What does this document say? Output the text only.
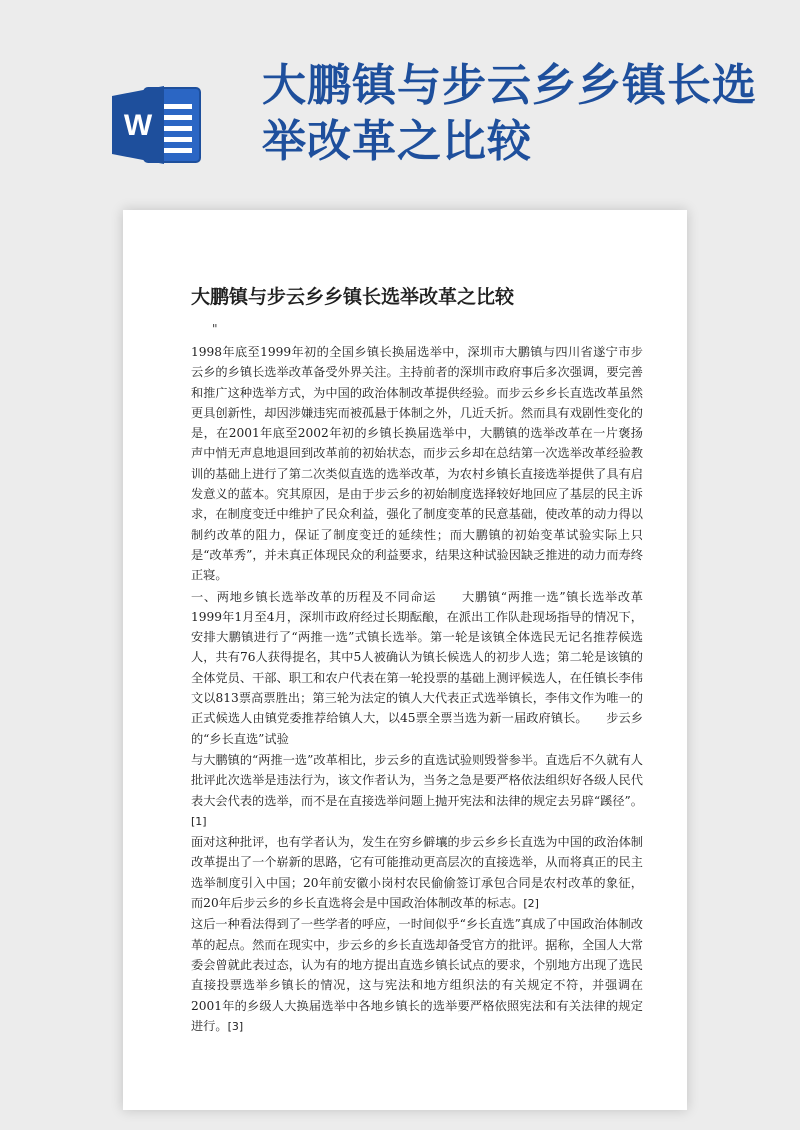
W
大鹏镇与步云乡乡镇长选举改革之比较
大鹏镇与步云乡乡镇长选举改革之比较
"

1998年底至1999年初的全国乡镇长换届选举中，深圳市大鹏镇与四川省遂宁市步云乡的乡镇长选举改革备受外界关注。主持前者的深圳市政府事后多次强调，要完善和推广这种选举方式，为中国的政治体制改革提供经验。而步云乡乡长直选改革虽然更具创新性，却因涉嫌违宪而被孤悬于体制之外，几近夭折。然而具有戏剧性变化的是，在2001年底至2002年初的乡镇长换届选举中，大鹏镇的选举改革在一片褒扬声中悄无声息地退回到改革前的初始状态，而步云乡却在总结第一次选举改革经验教训的基础上进行了第二次类似直选的选举改革，为农村乡镇长直接选举提供了具有启发意义的蓝本。究其原因，是由于步云乡的初始制度选择较好地回应了基层的民主诉求，在制度变迁中维护了民众利益，强化了制度变革的民意基础，使改革的动力得以制约改革的阻力，保证了制度变迁的延续性；而大鹏镇的初始变革试验实际上只是“改革秀”，并未真正体现民众的利益要求，结果这种试验因缺乏推进的动力而寿终正寝。

一、两地乡镇长选举改革的历程及不同命运　　大鹏镇“两推一选”镇长选举改革1999年1月至4月，深圳市政府经过长期酝酿，在派出工作队赴现场指导的情况下，安排大鹏镇进行了“两推一选”式镇长选举。第一轮是该镇全体选民无记名推荐候选人，共有76人获得提名，其中5人被确认为镇长候选人的初步人选；第二轮是该镇的全体党员、干部、职工和农户代表在第一轮投票的基础上测评候选人，在任镇长李伟文以813票高票胜出；第三轮为法定的镇人大代表正式选举镇长，李伟文作为唯一的正式候选人由镇党委推荐给镇人大，以45票全票当选为新一届政府镇长。　　步云乡的“乡长直选”试验

与大鹏镇的“两推一选”改革相比，步云乡的直选试验则毁誉参半。直选后不久就有人批评此次选举是违法行为，该文作者认为，当务之急是要严格依法组织好各级人民代表大会代表的选举，而不是在直接选举问题上抛开宪法和法律的规定去另辟“蹊径”。[1]

面对这种批评，也有学者认为，发生在穷乡僻壤的步云乡乡长直选为中国的政治体制改革提出了一个崭新的思路，它有可能推动更高层次的直接选举，从而将真正的民主选举制度引入中国；20年前安徽小岗村农民偷偷签订承包合同是农村改革的象征，而20年后步云乡的乡长直选将会是中国政治体制改革的标志。[2]

这后一种看法得到了一些学者的呼应，一时间似乎“乡长直选”真成了中国政治体制改革的起点。然而在现实中，步云乡的乡长直选却备受官方的批评。据称，全国人大常委会曾就此表过态，认为有的地方提出直选乡镇长试点的要求，个别地方出现了选民直接投票选举乡镇长的情况，这与宪法和地方组织法的有关规定不符，并强调在2001年的乡级人大换届选举中各地乡镇长的选举要严格依照宪法和有关法律的规定进行。[3]
